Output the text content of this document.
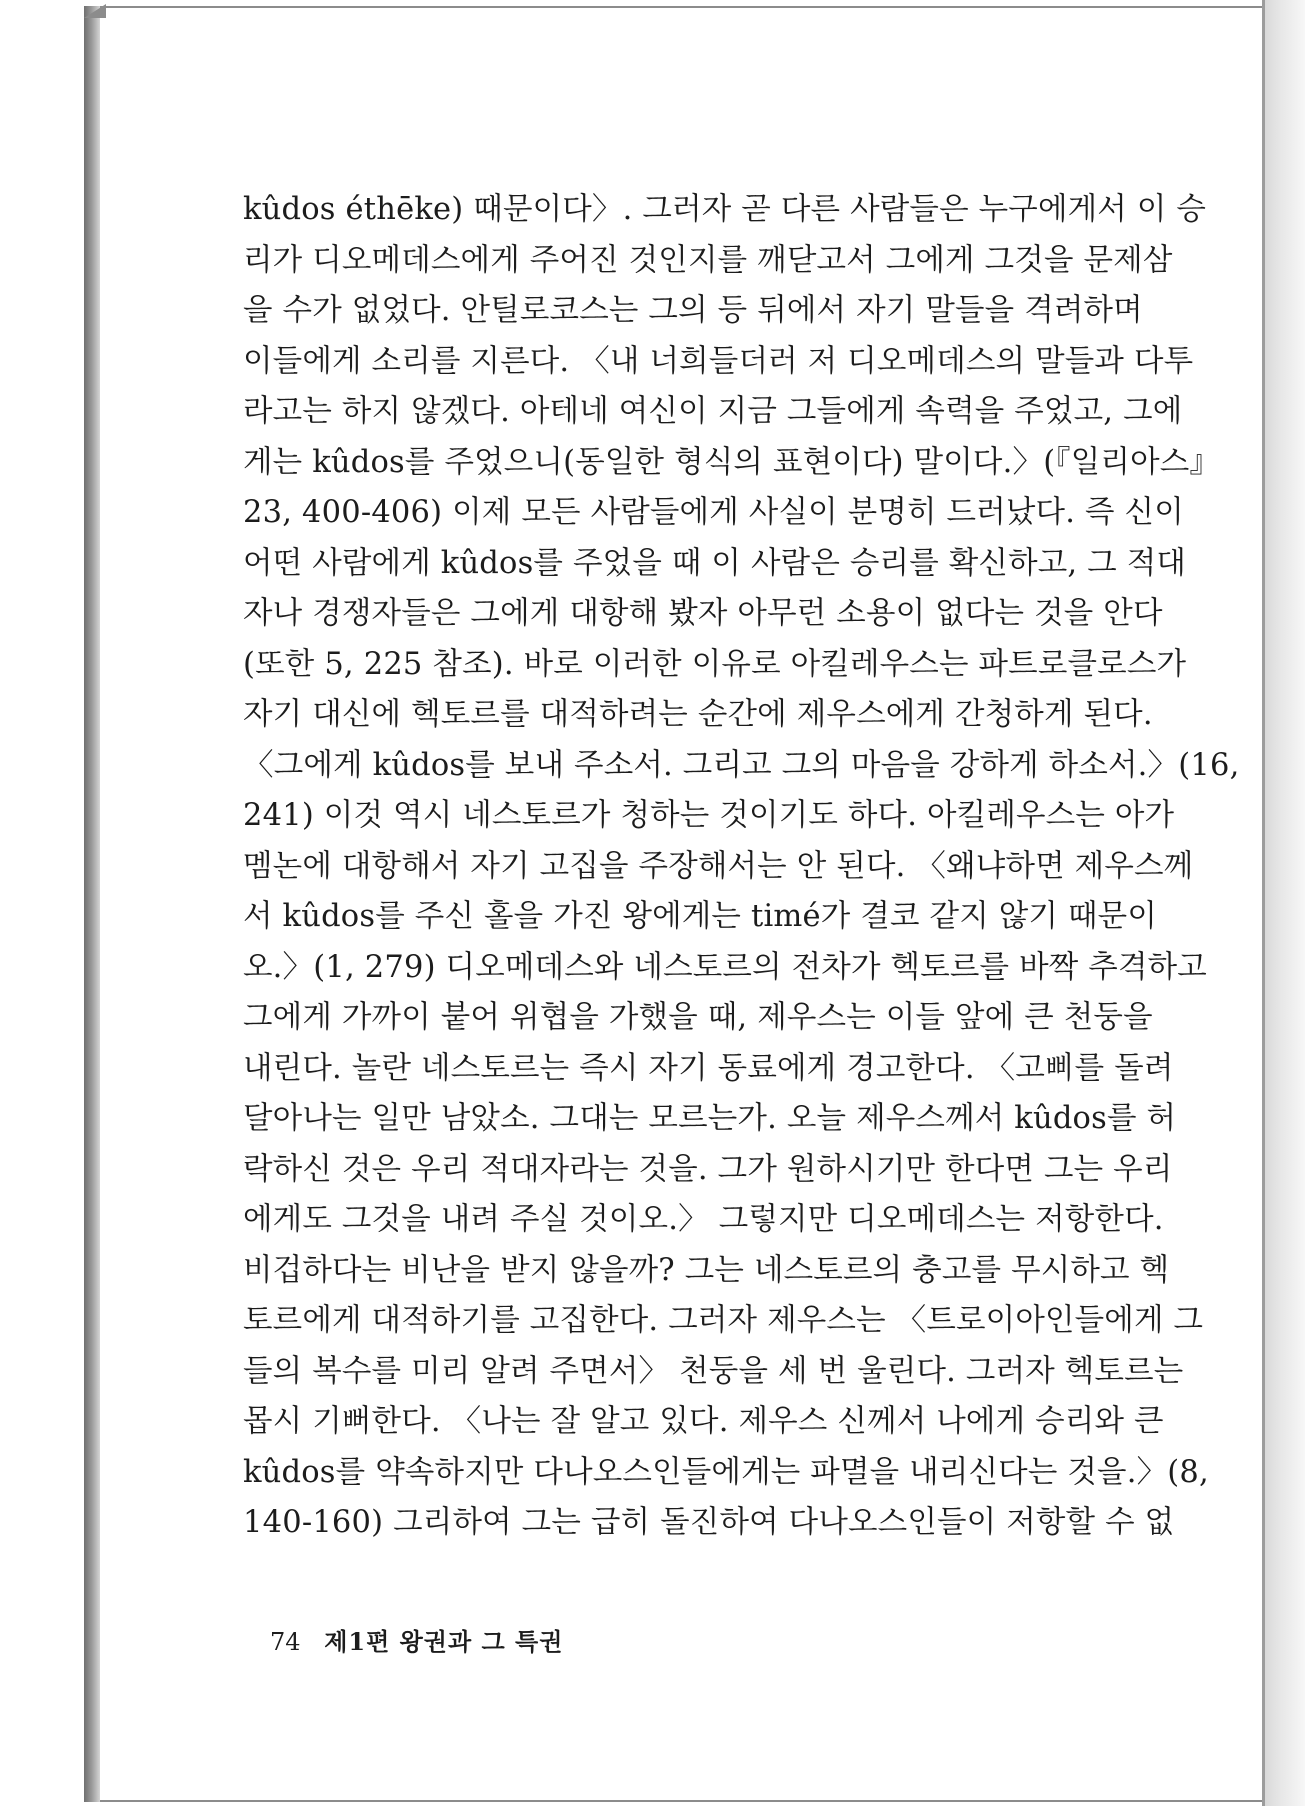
kûdos éthēke) 때문이다〉. 그러자 곧 다른 사람들은 누구에게서 이 승
리가 디오메데스에게 주어진 것인지를 깨닫고서 그에게 그것을 문제삼
을 수가 없었다. 안틸로코스는 그의 등 뒤에서 자기 말들을 격려하며
이들에게 소리를 지른다. 〈내 너희들더러 저 디오메데스의 말들과 다투
라고는 하지 않겠다. 아테네 여신이 지금 그들에게 속력을 주었고, 그에
게는 kûdos를 주었으니(동일한 형식의 표현이다) 말이다.〉(『일리아스』
23, 400-406) 이제 모든 사람들에게 사실이 분명히 드러났다. 즉 신이
어떤 사람에게 kûdos를 주었을 때 이 사람은 승리를 확신하고, 그 적대
자나 경쟁자들은 그에게 대항해 봤자 아무런 소용이 없다는 것을 안다
(또한 5, 225 참조). 바로 이러한 이유로 아킬레우스는 파트로클로스가
자기 대신에 헥토르를 대적하려는 순간에 제우스에게 간청하게 된다.
〈그에게 kûdos를 보내 주소서. 그리고 그의 마음을 강하게 하소서.〉(16,
241) 이것 역시 네스토르가 청하는 것이기도 하다. 아킬레우스는 아가
멤논에 대항해서 자기 고집을 주장해서는 안 된다. 〈왜냐하면 제우스께
서 kûdos를 주신 홀을 가진 왕에게는 timé가 결코 같지 않기 때문이
오.〉(1, 279) 디오메데스와 네스토르의 전차가 헥토르를 바짝 추격하고
그에게 가까이 붙어 위협을 가했을 때, 제우스는 이들 앞에 큰 천둥을
내린다. 놀란 네스토르는 즉시 자기 동료에게 경고한다. 〈고삐를 돌려
달아나는 일만 남았소. 그대는 모르는가. 오늘 제우스께서 kûdos를 허
락하신 것은 우리 적대자라는 것을. 그가 원하시기만 한다면 그는 우리
에게도 그것을 내려 주실 것이오.〉 그렇지만 디오메데스는 저항한다.
비겁하다는 비난을 받지 않을까? 그는 네스토르의 충고를 무시하고 헥
토르에게 대적하기를 고집한다. 그러자 제우스는 〈트로이아인들에게 그
들의 복수를 미리 알려 주면서〉 천둥을 세 번 울린다. 그러자 헥토르는
몹시 기뻐한다. 〈나는 잘 알고 있다. 제우스 신께서 나에게 승리와 큰
kûdos를 약속하지만 다나오스인들에게는 파멸을 내리신다는 것을.〉(8,
140-160) 그리하여 그는 급히 돌진하여 다나오스인들이 저항할 수 없
74 제1편 왕권과 그 특권
